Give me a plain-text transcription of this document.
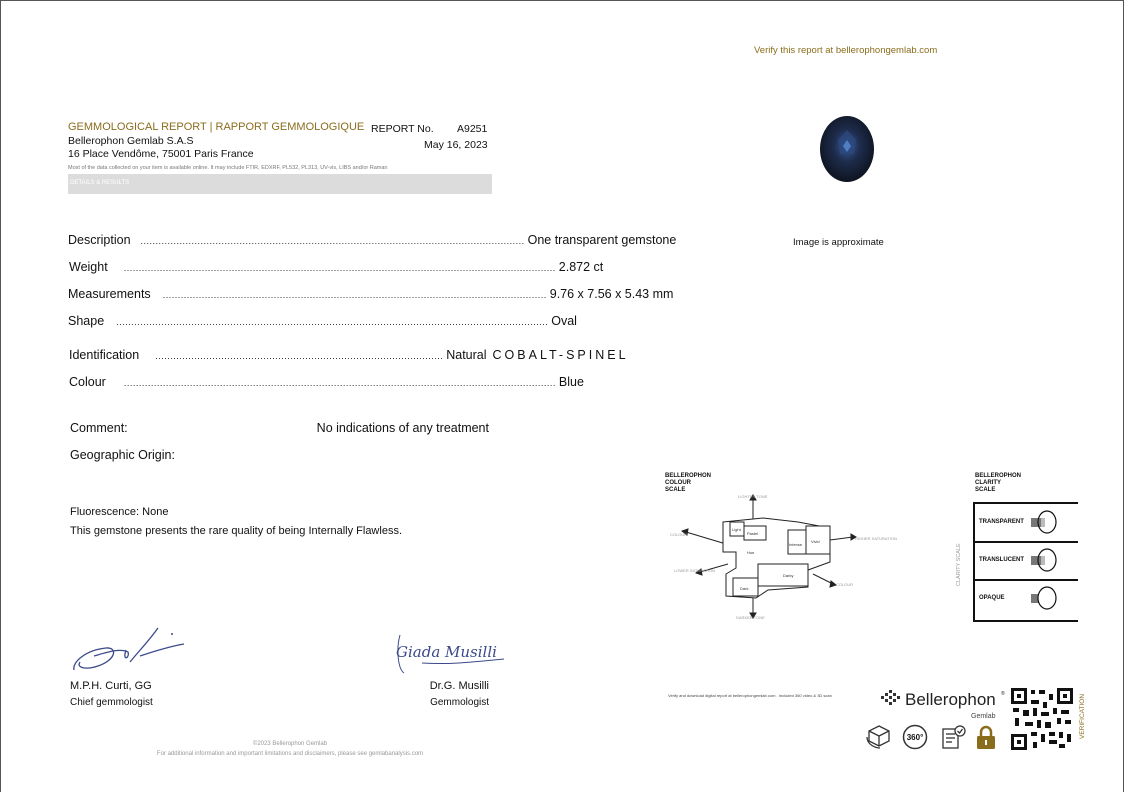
Verify this report at bellerophongemlab.com
GEMMOLOGICAL REPORT | RAPPORT GEMMOLOGIQUE
Bellerophon Gemlab S.A.S
16 Place Vendôme, 75001 Paris France
REPORT No. A9251
May 16, 2023
Most of the data collected on your item is available online. It may include FTIR, EDXRF, PL532, PL313, UV-vis, LIBS and/or Raman
DETAILS & RESULTS
Description ................................................................................................................................ One transparent gemstone
Weight ................................................................................................................................................ 2.872 ct
Measurements ................................................................................................................................ 9.76 x 7.56 x 5.43 mm
Shape ................................................................................................................................................ Oval
Identification ................................................................................................ Natural COBALT-SPINEL
Colour ................................................................................................................................................ Blue
Comment:	No indications of any treatment
Geographic Origin:
Fluorescence: None
This gemstone presents the rare quality of being Internally Flawless.
Giada Musilli
M.P.H. Curti, GG
Chief gemmologist
Dr.G. Musilli
Gemmologist
©2023 Bellerophon Gemlab
For additional information and important limitations and disclaimers, please see gemlabanalysis.com
Image is approximate
BELLEROPHON
COLOUR
SCALE
Light
Pastel
Hue
Intense
Vivid
Dark
Darky
LIGHTER TONE
DARKER TONE
HIGHER SATURATION
LOWER SATURATION
COLOUR
COLOUR
BELLEROPHON
CLARITY
SCALE
CLARITY SCALE
TRANSPARENT
TRANSLUCENT
OPAQUE
Verify and download digital report at bellerophongemlab.com . Included 360 video & 3D scan	Bellerophon ®
Gemlab	VERIFICATION
360°
